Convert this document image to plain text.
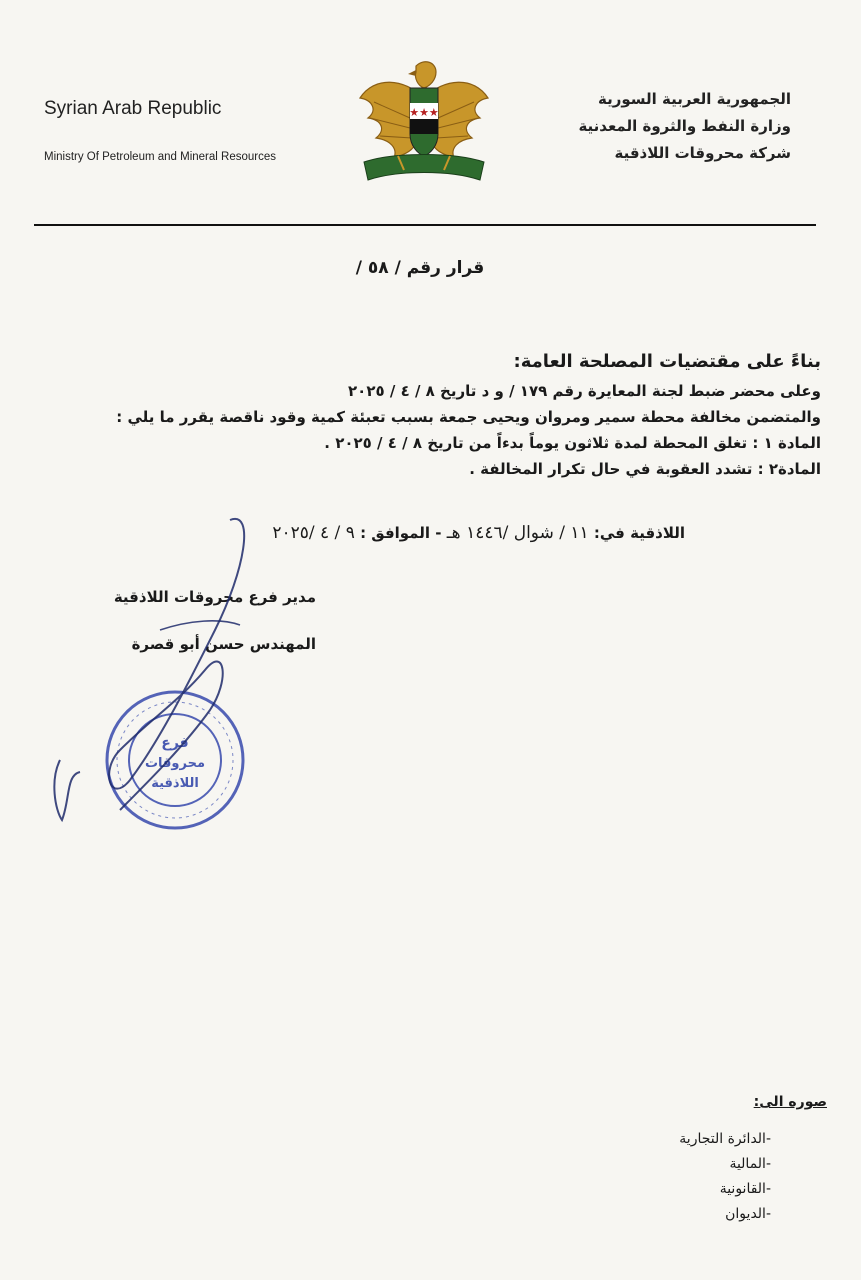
Syrian Arab Republic
Ministry Of Petroleum and Mineral Resources
★★★
الجمهورية العربية السورية
وزارة النفط والثروة المعدنية
شركة محروقات اللاذقية
قرار رقم / ٥٨ /
بناءً على مقتضيات المصلحة العامة:
وعلى محضر ضبط لجنة المعايرة رقم ١٧٩ / و د تاريخ ٨ / ٤ / ٢٠٢٥
والمتضمن مخالفة محطة سمير ومروان ويحيى جمعة بسبب تعبئة كمية وقود ناقصة يقرر ما يلي :
المادة ١ : تغلق المحطة لمدة ثلاثون يوماً بدءاً من تاريخ ٨ / ٤ / ٢٠٢٥ .
المادة٢ : تشدد العقوبة في حال تكرار المخالفة .
اللاذقية في: ١١ / شوال /١٤٤٦ هـ - الموافق : ٩ / ٤ /٢٠٢٥
مدير فرع محروقات اللاذقية
المهندس حسن أبو قصرة
فرع
محروقات
اللاذقية
صوره الى:
-الدائرة التجارية
-المالية
-القانونية
-الديوان
